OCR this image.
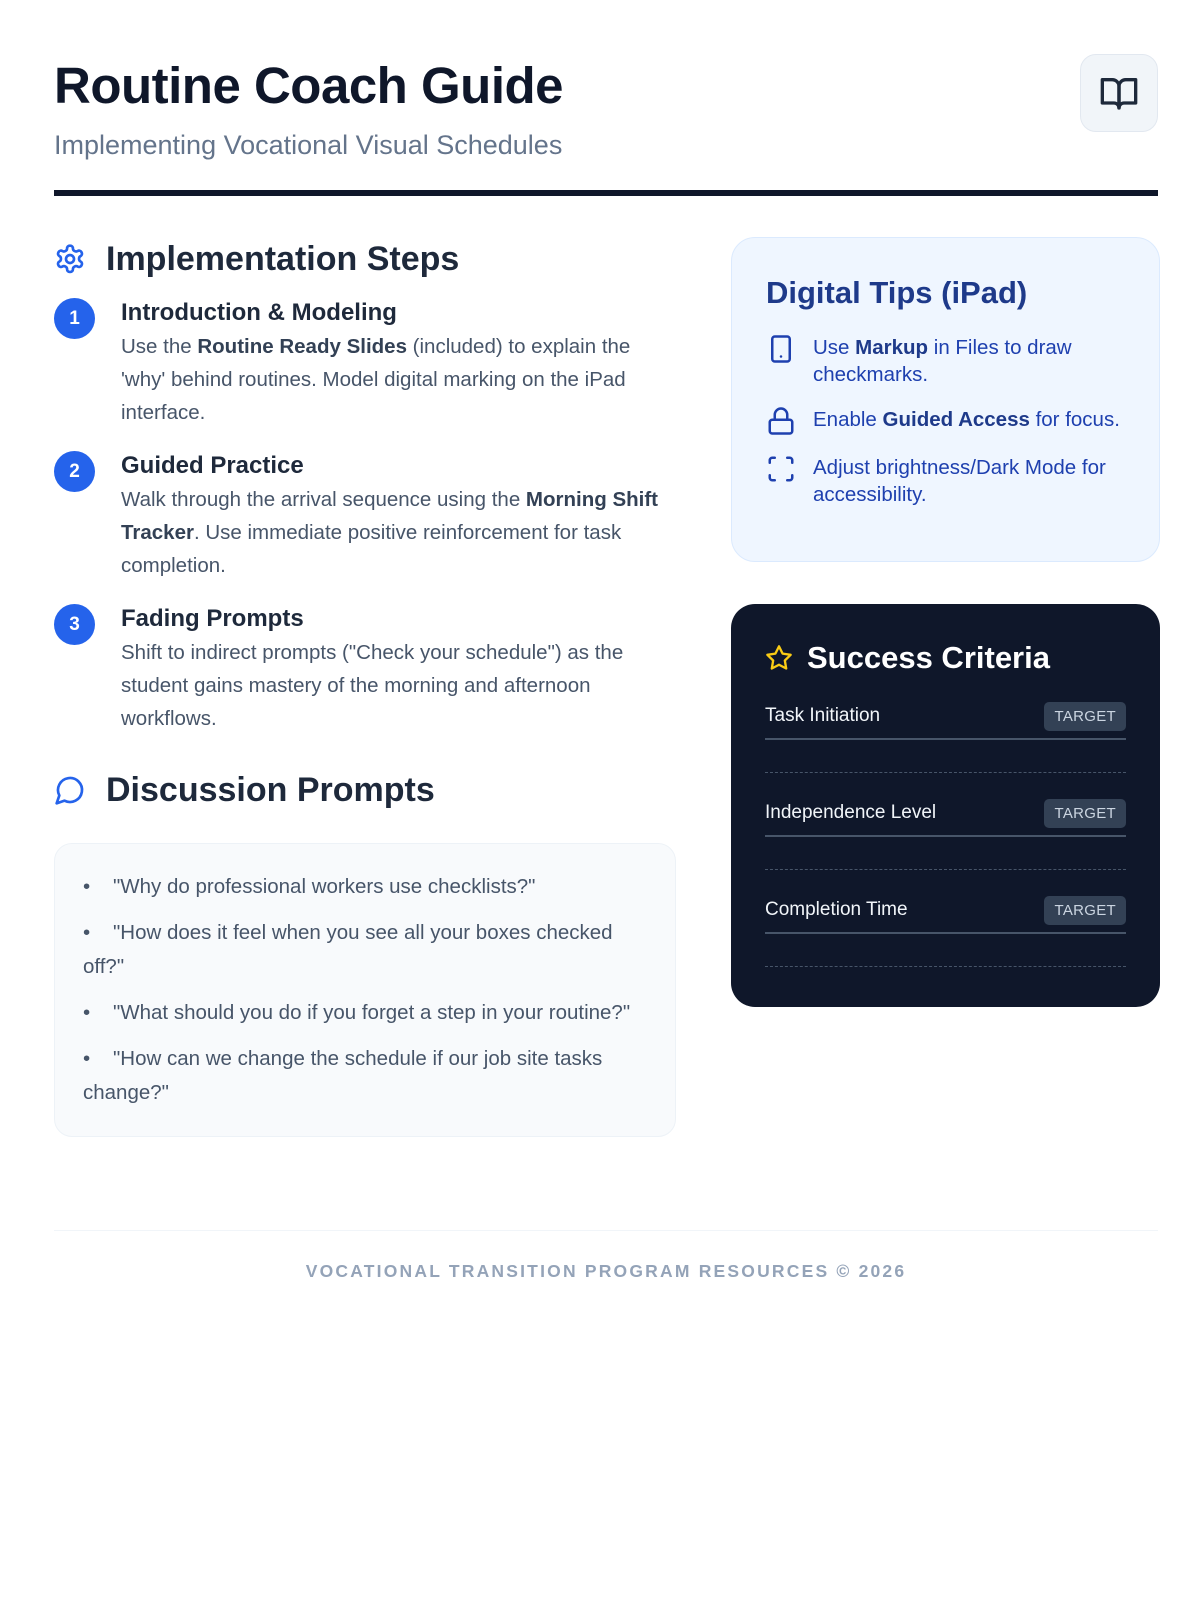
Routine Coach Guide
Implementing Vocational Visual Schedules
Implementation Steps
1	Introduction & Modeling
Use the Routine Ready Slides (included) to explain the 'why' behind routines. Model digital marking on the iPad interface.
2	Guided Practice
Walk through the arrival sequence using the Morning Shift Tracker. Use immediate positive reinforcement for task completion.
3	Fading Prompts
Shift to indirect prompts ("Check your schedule") as the student gains mastery of the morning and afternoon workflows.
Discussion Prompts
• "Why do professional workers use checklists?"
• "How does it feel when you see all your boxes checked off?"
• "What should you do if you forget a step in your routine?"
• "How can we change the schedule if our job site tasks change?"
Digital Tips (iPad)
Use Markup in Files to draw checkmarks.
Enable Guided Access for focus.
Adjust brightness/Dark Mode for accessibility.
Success Criteria
Task Initiation	TARGET
Independence Level	TARGET
Completion Time	TARGET
VOCATIONAL TRANSITION PROGRAM RESOURCES © 2026
